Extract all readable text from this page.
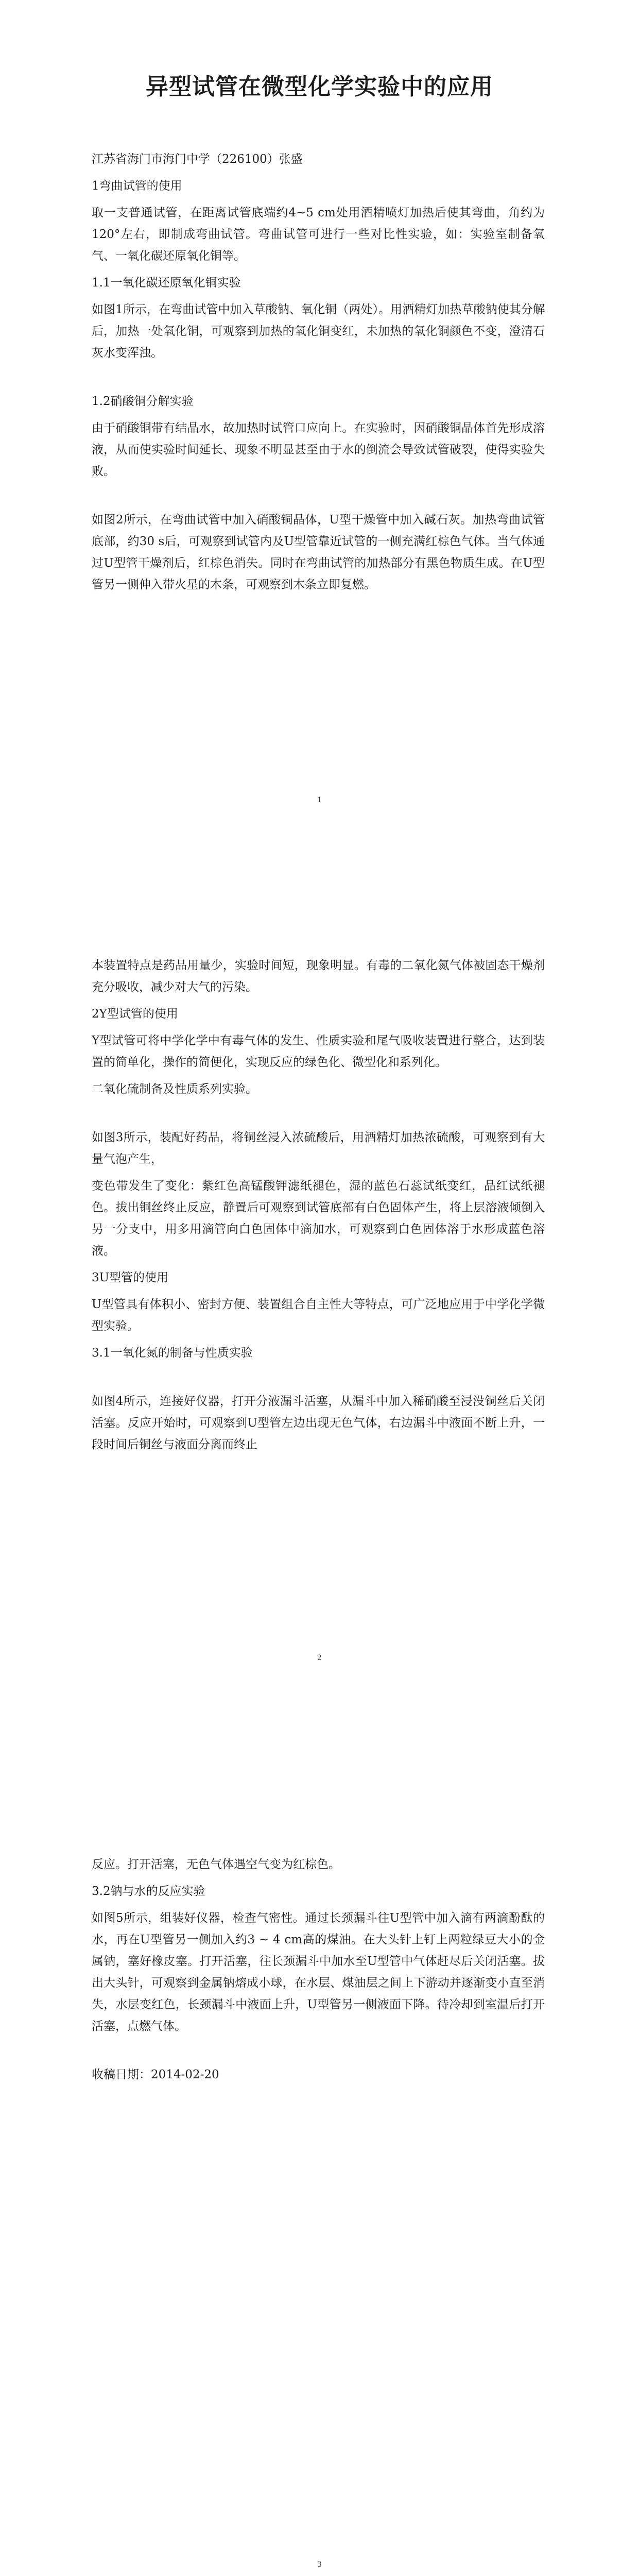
异型试管在微型化学实验中的应用

江苏省海门市海门中学（226100）张盛

1弯曲试管的使用

取一支普通试管，在距离试管底端约4~5 cm处用酒精喷灯加热后使其弯曲，角约为120°左右，即制成弯曲试管。弯曲试管可进行一些对比性实验，如：实验室制备氧气、一氧化碳还原氧化铜等。

1.1一氧化碳还原氧化铜实验

如图1所示，在弯曲试管中加入草酸钠、氧化铜（两处）。用酒精灯加热草酸钠使其分解后，加热一处氧化铜，可观察到加热的氧化铜变红，未加热的氧化铜颜色不变，澄清石灰水变浑浊。

1.2硝酸铜分解实验

由于硝酸铜带有结晶水，故加热时试管口应向上。在实验时，因硝酸铜晶体首先形成溶液，从而使实验时间延长、现象不明显甚至由于水的倒流会导致试管破裂，使得实验失败。

如图2所示，在弯曲试管中加入硝酸铜晶体，U型干燥管中加入碱石灰。加热弯曲试管底部，约30 s后，可观察到试管内及U型管靠近试管的一侧充满红棕色气体。当气体通过U型管干燥剂后，红棕色消失。同时在弯曲试管的加热部分有黑色物质生成。在U型管另一侧伸入带火星的木条，可观察到木条立即复燃。

1

本装置特点是药品用量少，实验时间短，现象明显。有毒的二氧化氮气体被固态干燥剂充分吸收，减少对大气的污染。

2Y型试管的使用

Y型试管可将中学化学中有毒气体的发生、性质实验和尾气吸收装置进行整合，达到装置的简单化，操作的简便化，实现反应的绿色化、微型化和系列化。

二氧化硫制备及性质系列实验。

如图3所示，装配好药品，将铜丝浸入浓硫酸后，用酒精灯加热浓硫酸，可观察到有大量气泡产生，

变色带发生了变化：紫红色高锰酸钾滤纸褪色，湿的蓝色石蕊试纸变红，品红试纸褪色。拔出铜丝终止反应，静置后可观察到试管底部有白色固体产生，将上层溶液倾倒入另一分支中，用多用滴管向白色固体中滴加水，可观察到白色固体溶于水形成蓝色溶液。

3U型管的使用

U型管具有体积小、密封方便、装置组合自主性大等特点，可广泛地应用于中学化学微型实验。

3.1一氧化氮的制备与性质实验

如图4所示，连接好仪器，打开分液漏斗活塞，从漏斗中加入稀硝酸至浸没铜丝后关闭活塞。反应开始时，可观察到U型管左边出现无色气体，右边漏斗中液面不断上升，一段时间后铜丝与液面分离而终止

2

反应。打开活塞，无色气体遇空气变为红棕色。

3.2钠与水的反应实验

如图5所示，组装好仪器，检查气密性。通过长颈漏斗往U型管中加入滴有两滴酚酞的水，再在U型管另一侧加入约3 ~ 4 cm高的煤油。在大头针上钉上两粒绿豆大小的金属钠，塞好橡皮塞。打开活塞，往长颈漏斗中加水至U型管中气体赶尽后关闭活塞。拔出大头针，可观察到金属钠熔成小球，在水层、煤油层之间上下游动并逐渐变小直至消失，水层变红色，长颈漏斗中液面上升，U型管另一侧液面下降。待冷却到室温后打开活塞，点燃气体。

收稿日期：2014-02-20

3
